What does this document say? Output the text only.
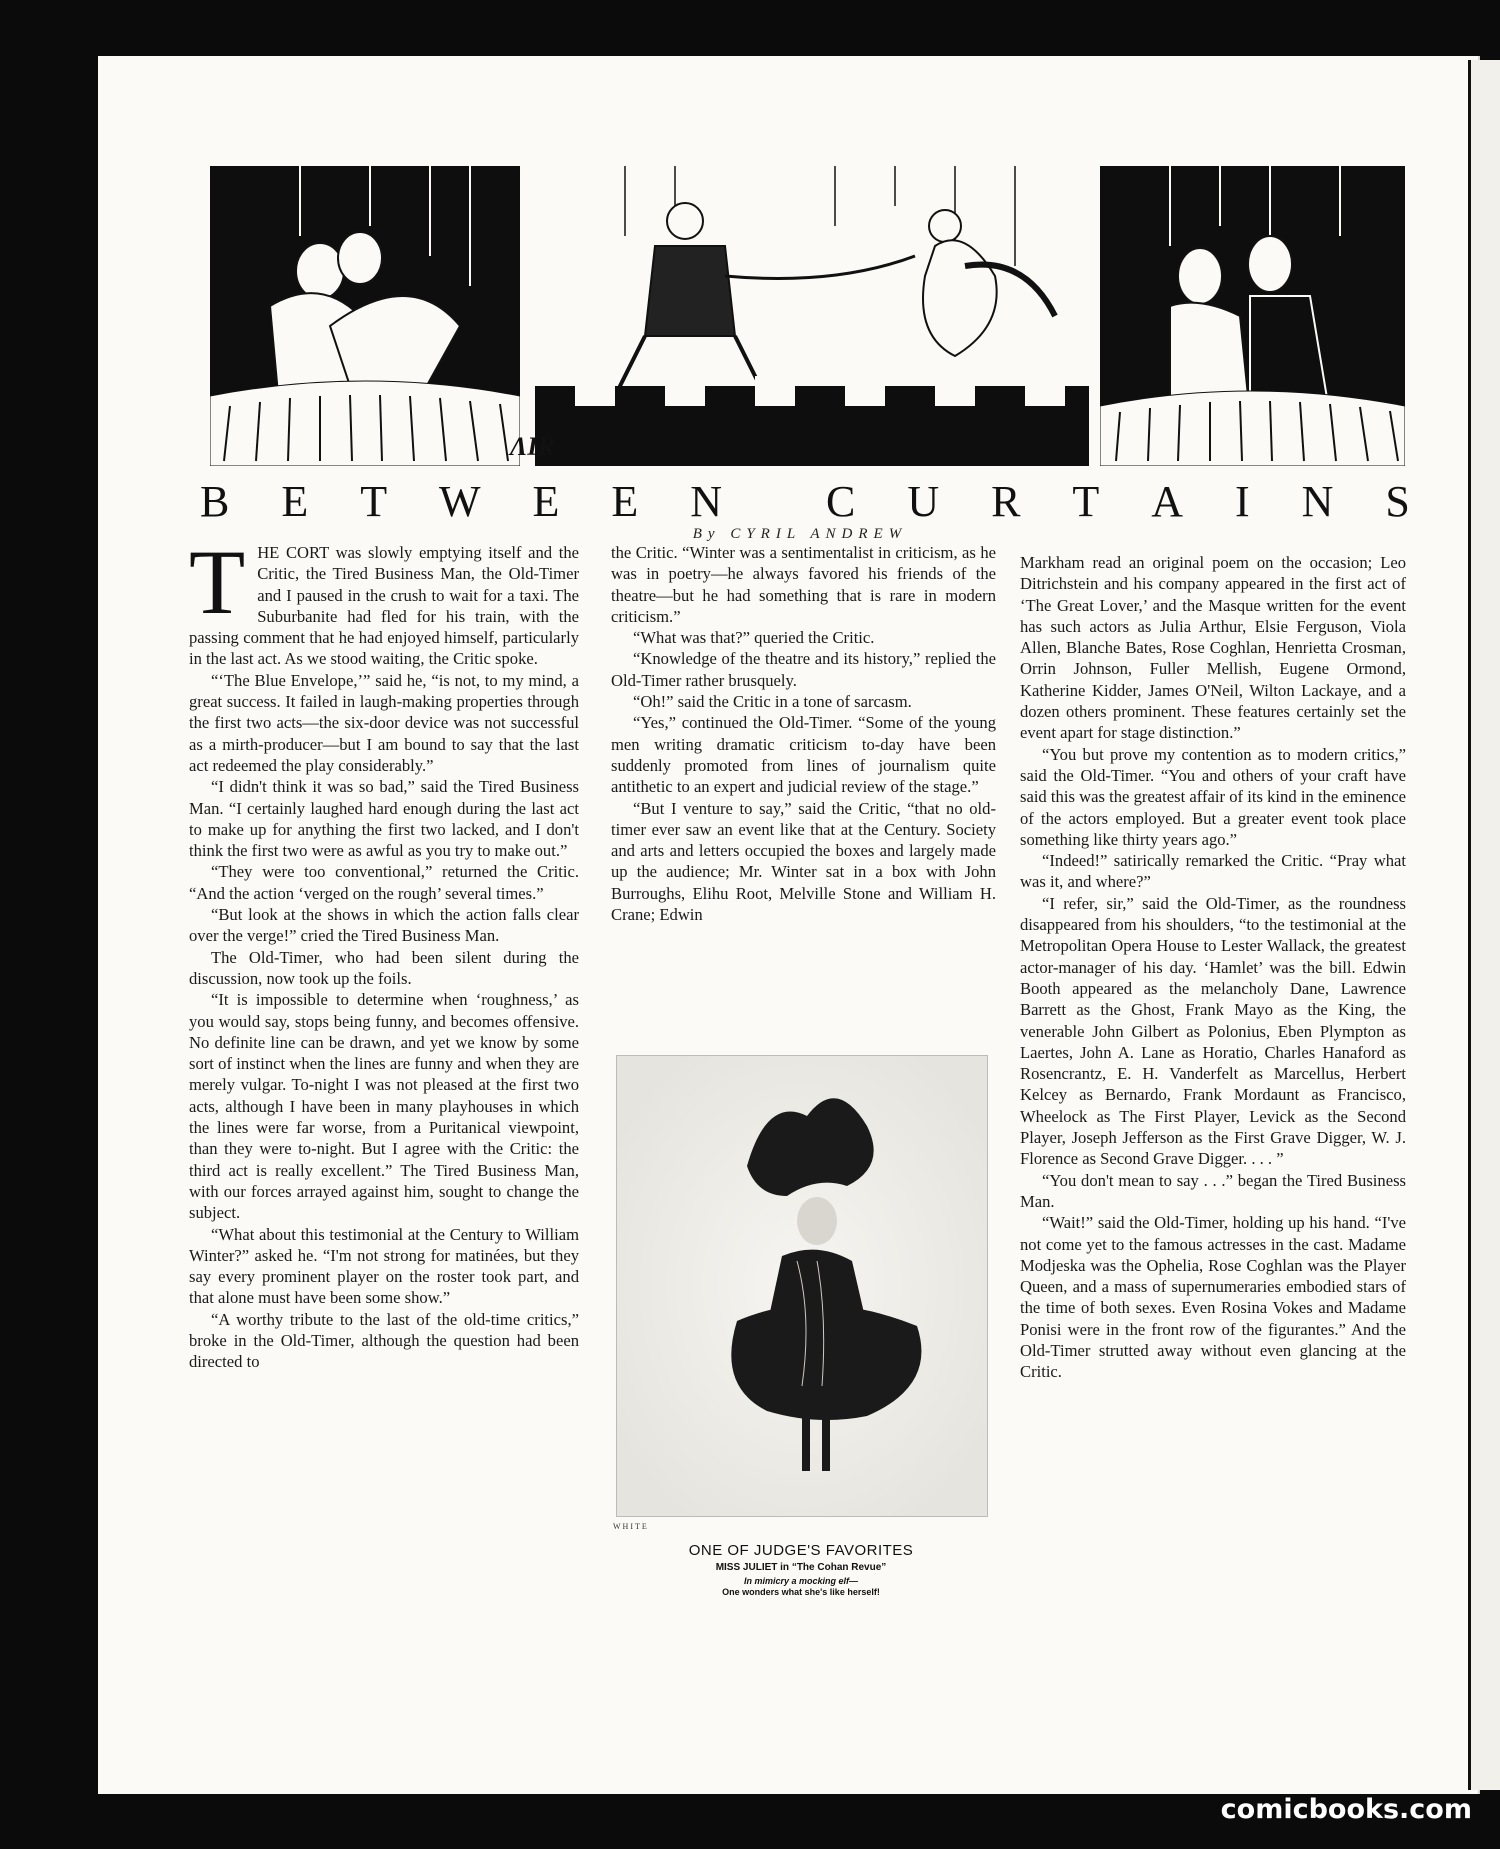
ΛΙR
B E T W E E N C U R T A I N S
By CYRIL ANDREW

THE CORT was slowly emptying itself and the Critic, the Tired Business Man, the Old-Timer and I paused in the crush to wait for a taxi. The Suburbanite had fled for his train, with the passing comment that he had enjoyed himself, particularly in the last act. As we stood waiting, the Critic spoke.

“‘The Blue Envelope,’” said he, “is not, to my mind, a great success. It failed in laugh-making properties through the first two acts—the six-door device was not successful as a mirth-producer—but I am bound to say that the last act redeemed the play considerably.”

“I didn't think it was so bad,” said the Tired Business Man. “I certainly laughed hard enough during the last act to make up for anything the first two lacked, and I don't think the first two were as awful as you try to make out.”

“They were too conventional,” returned the Critic. “And the action ‘verged on the rough’ several times.”

“But look at the shows in which the action falls clear over the verge!” cried the Tired Business Man.

The Old-Timer, who had been silent during the discussion, now took up the foils.

“It is impossible to determine when ‘roughness,’ as you would say, stops being funny, and becomes offensive. No definite line can be drawn, and yet we know by some sort of instinct when the lines are funny and when they are merely vulgar. To-night I was not pleased at the first two acts, although I have been in many playhouses in which the lines were far worse, from a Puritanical viewpoint, than they were to-night. But I agree with the Critic: the third act is really excellent.” The Tired Business Man, with our forces arrayed against him, sought to change the subject.

“What about this testimonial at the Century to William Winter?” asked he. “I'm not strong for matinées, but they say every prominent player on the roster took part, and that alone must have been some show.”

“A worthy tribute to the last of the old-time critics,” broke in the Old-Timer, although the question had been directed to

the Critic. “Winter was a sentimentalist in criticism, as he was in poetry—he always favored his friends of the theatre—but he had something that is rare in modern criticism.”

“What was that?” queried the Critic.

“Knowledge of the theatre and its history,” replied the Old-Timer rather brusquely.

“Oh!” said the Critic in a tone of sarcasm.

“Yes,” continued the Old-Timer. “Some of the young men writing dramatic criticism to-day have been suddenly promoted from lines of journalism quite antithetic to an expert and judicial review of the stage.”

“But I venture to say,” said the Critic, “that no old-timer ever saw an event like that at the Century. Society and arts and letters occupied the boxes and largely made up the audience; Mr. Winter sat in a box with John Burroughs, Elihu Root, Melville Stone and William H. Crane; Edwin

WHITE
ONE OF JUDGE'S FAVORITES
MISS JULIET in “The Cohan Revue”
In mimicry a mocking elf—
One wonders what she's like herself!

Markham read an original poem on the occasion; Leo Ditrichstein and his company appeared in the first act of ‘The Great Lover,’ and the Masque written for the event has such actors as Julia Arthur, Elsie Ferguson, Viola Allen, Blanche Bates, Rose Coghlan, Henrietta Crosman, Orrin Johnson, Fuller Mellish, Eugene Ormond, Katherine Kidder, James O'Neil, Wilton Lackaye, and a dozen others prominent. These features certainly set the event apart for stage distinction.”

“You but prove my contention as to modern critics,” said the Old-Timer. “You and others of your craft have said this was the greatest affair of its kind in the eminence of the actors employed. But a greater event took place something like thirty years ago.”

“Indeed!” satirically remarked the Critic. “Pray what was it, and where?”

“I refer, sir,” said the Old-Timer, as the roundness disappeared from his shoulders, “to the testimonial at the Metropolitan Opera House to Lester Wallack, the greatest actor-manager of his day. ‘Hamlet’ was the bill. Edwin Booth appeared as the melancholy Dane, Lawrence Barrett as the Ghost, Frank Mayo as the King, the venerable John Gilbert as Polonius, Eben Plympton as Laertes, John A. Lane as Horatio, Charles Hanaford as Rosencrantz, E. H. Vanderfelt as Marcellus, Herbert Kelcey as Bernardo, Frank Mordaunt as Francisco, Wheelock as The First Player, Levick as the Second Player, Joseph Jefferson as the First Grave Digger, W. J. Florence as Second Grave Digger. . . . ”

“You don't mean to say . . .” began the Tired Business Man.

“Wait!” said the Old-Timer, holding up his hand. “I've not come yet to the famous actresses in the cast. Madame Modjeska was the Ophelia, Rose Coghlan was the Player Queen, and a mass of supernumeraries embodied stars of the time of both sexes. Even Rosina Vokes and Madame Ponisi were in the front row of the figurantes.” And the Old-Timer strutted away without even glancing at the Critic.

comicbooks.com
